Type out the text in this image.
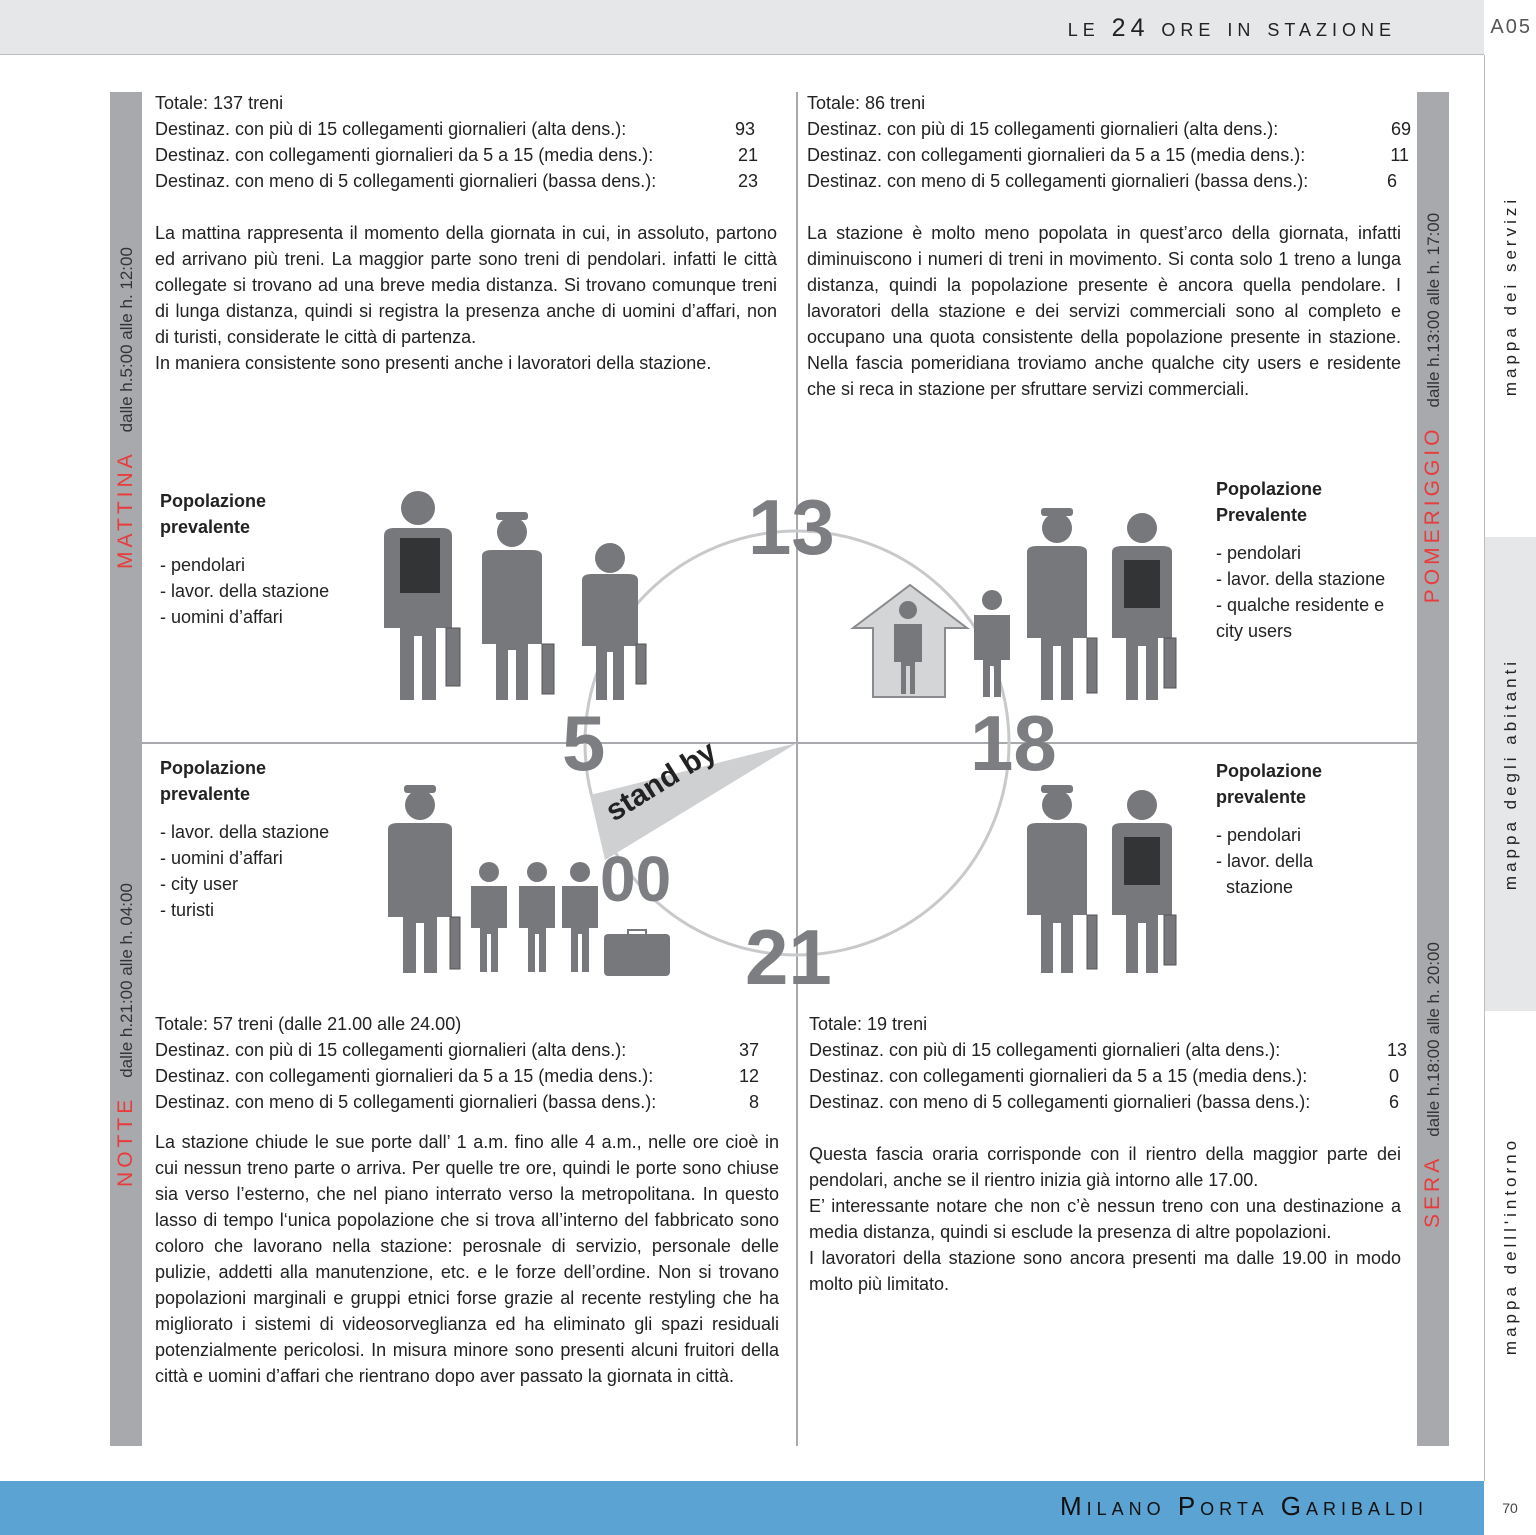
le 24 ore in stazione	A05
mappa dei servizi
mappa degli abitanti
mappa delll'intorno
Milano Porta Garibaldi	70
MATTINAdalle h.5:00 alle h. 12:00
POMERIGGIOdalle h.13:00 alle h. 17:00
NOTTEdalle h.21:00 alle h. 04:00
SERAdalle h.18:00 alle h. 20:00
13
18
21
5
00
stand by
Totale: 137 treni
Destinaz. con più di 15 collegamenti giornalieri (alta dens.):	93
Destinaz. con collegamenti giornalieri da 5 a 15 (media dens.):	21
Destinaz. con meno di 5 collegamenti giornalieri (bassa dens.):	23
La mattina rappresenta il momento della giornata in cui, in assoluto, partono ed arrivano più treni. La maggior parte sono treni di pendolari. infatti le città collegate si trovano ad una breve media distanza. Si trovano comunque treni di lunga distanza, quindi si registra la presenza anche di uomini d’affari, non di turisti, considerate le città di partenza.
In maniera consistente sono presenti anche i lavoratori della stazione.
Popolazione
prevalente
- pendolari
- lavor. della stazione
- uomini d’affari
Totale: 86 treni
Destinaz. con più di 15 collegamenti giornalieri (alta dens.):	69
Destinaz. con collegamenti giornalieri da 5 a 15 (media dens.):	11
Destinaz. con meno di 5 collegamenti giornalieri (bassa dens.):	6
La stazione è molto meno popolata in quest’arco della giornata, infatti diminuiscono i numeri di treni in movimento. Si conta solo 1 treno a lunga distanza, quindi la popolazione presente è ancora quella pendolare. I lavoratori della stazione e dei servizi commerciali sono al completo e occupano una quota consistente della popolazione presente in stazione. Nella fascia pomeridiana troviamo anche qualche city users e residente che si reca in stazione per sfruttare servizi commerciali.
Popolazione
Prevalente
- pendolari
- lavor. della stazione
- qualche residente e
city users
Popolazione
prevalente
- lavor. della stazione
- uomini d’affari
- city user
- turisti
Totale: 57 treni (dalle 21.00 alle 24.00)
Destinaz. con più di 15 collegamenti giornalieri (alta dens.):	37
Destinaz. con collegamenti giornalieri da 5 a 15 (media dens.):	12
Destinaz. con meno di 5 collegamenti giornalieri (bassa dens.):	8
La stazione chiude le sue porte dall’ 1 a.m. fino alle 4 a.m., nelle ore cioè in cui nessun treno parte o arriva. Per quelle tre ore, quindi le porte sono chiuse sia verso l’esterno, che nel piano interrato verso la metropolitana. In questo lasso di tempo l‘unica popolazione che si trova all’interno del fabbricato sono coloro che lavorano nella stazione: perosnale di servizio, personale delle pulizie, addetti alla manutenzione, etc. e le forze dell’ordine. Non si trovano popolazioni marginali e gruppi etnici forse grazie al recente restyling che ha migliorato i sistemi di videosorveglianza ed ha eliminato gli spazi residuali potenzialmente pericolosi. In misura minore sono presenti alcuni fruitori della città e uomini d’affari che rientrano dopo aver passato la giornata in città.
Popolazione
prevalente
- pendolari
- lavor. della
stazione
Totale: 19 treni
Destinaz. con più di 15 collegamenti giornalieri (alta dens.):	13
Destinaz. con collegamenti giornalieri da 5 a 15 (media dens.):	0
Destinaz. con meno di 5 collegamenti giornalieri (bassa dens.):	6
Questa fascia oraria corrisponde con il rientro della maggior parte dei pendolari, anche se il rientro inizia già intorno alle 17.00.
E’ interessante notare che non c’è nessun treno con una destinazione a media distanza, quindi si esclude la presenza di altre popolazioni.
I lavoratori della stazione sono ancora presenti ma dalle 19.00 in modo molto più limitato.
